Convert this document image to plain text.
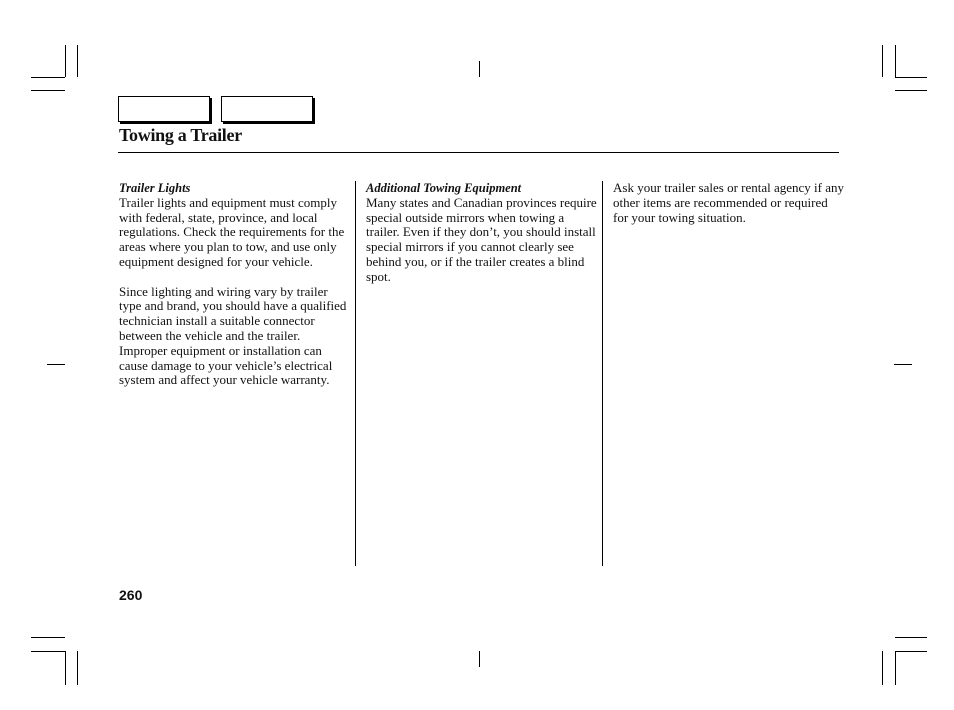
Towing a Trailer
Trailer Lights

Trailer lights and equipment must comply with federal, state, province, and local regulations. Check the requirements for the areas where you plan to tow, and use only equipment designed for your vehicle.

Since lighting and wiring vary by trailer type and brand, you should have a qualified technician install a suitable connector between the vehicle and the trailer. Improper equipment or installation can cause damage to your vehicle’s electrical system and affect your vehicle warranty.

Additional Towing Equipment

Many states and Canadian provinces require special outside mirrors when towing a trailer. Even if they don’t, you should install special mirrors if you cannot clearly see behind you, or if the trailer creates a blind spot.

Ask your trailer sales or rental agency if any other items are recommended or required for your towing situation.

260
